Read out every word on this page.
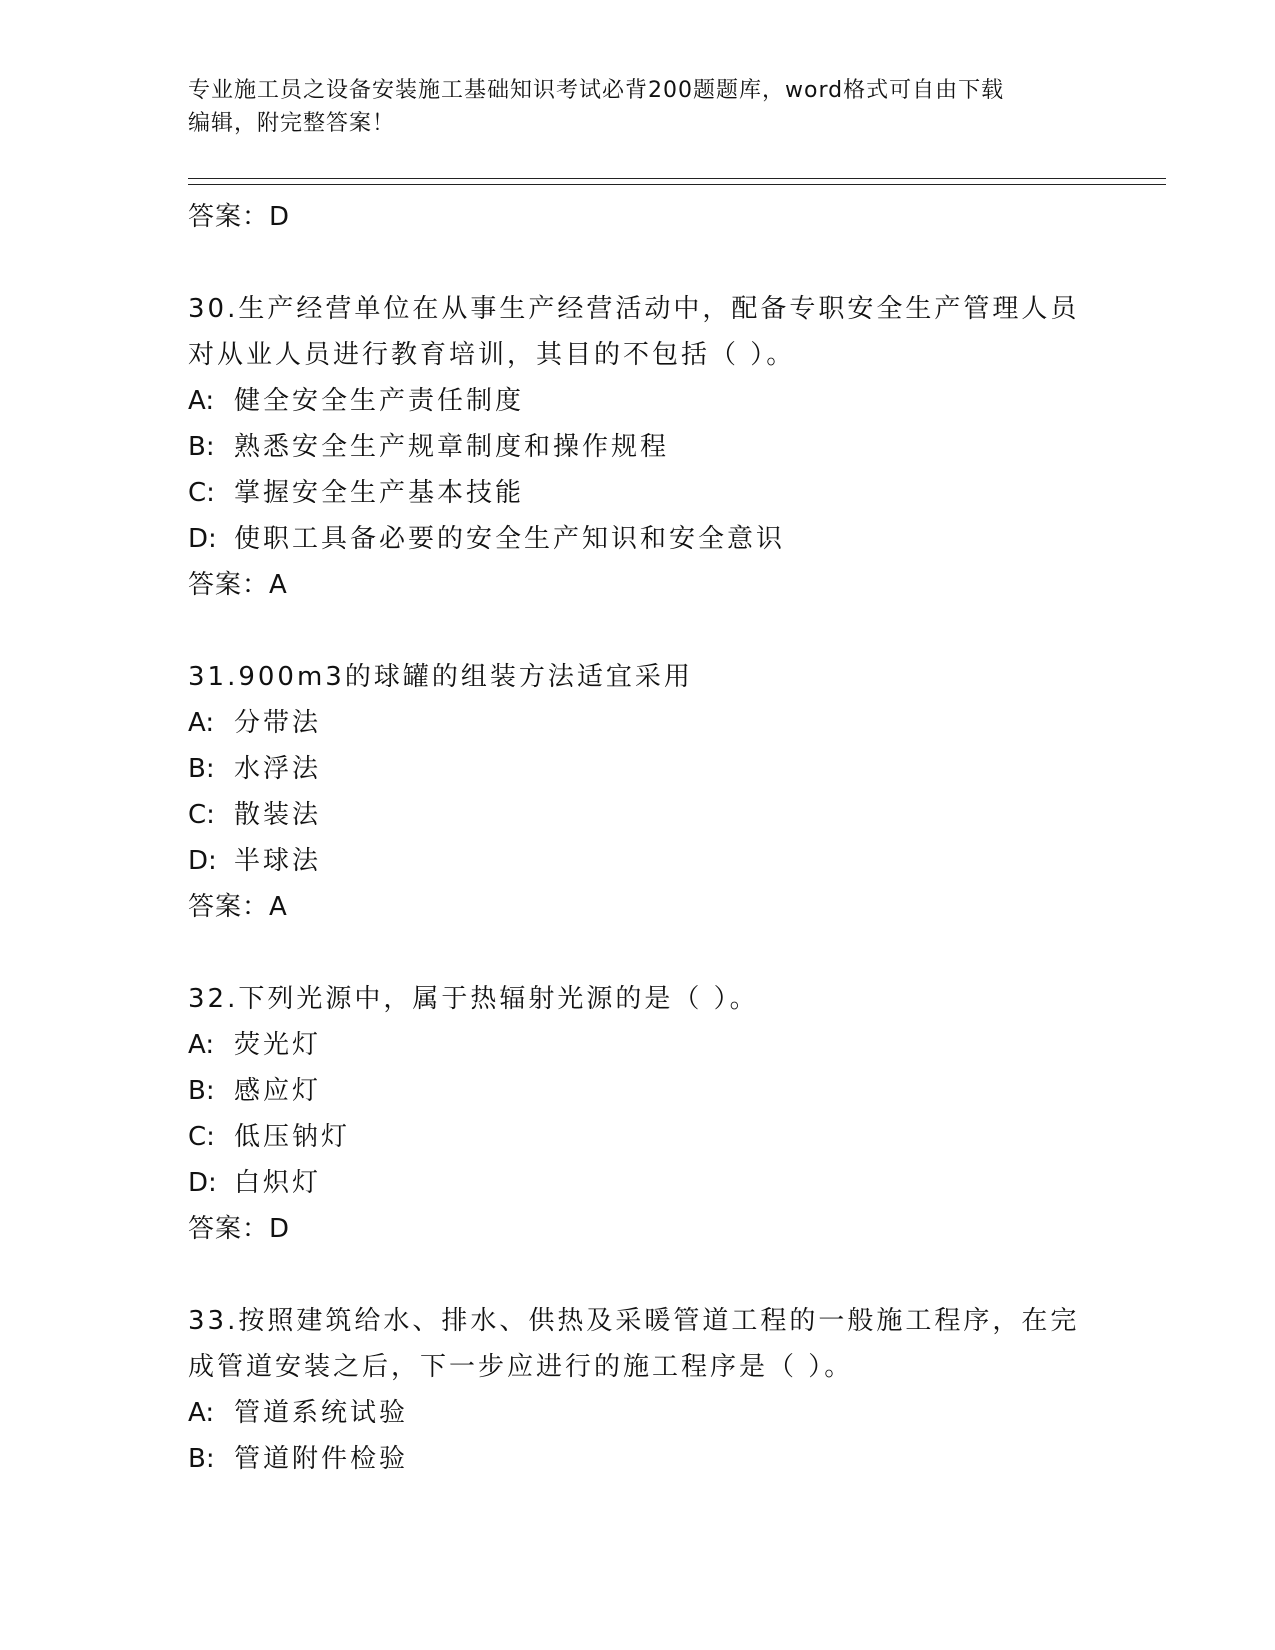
专业施工员之设备安装施工基础知识考试必背200题题库，word格式可自由下载
编辑，附完整答案！
答案：D
30.生产经营单位在从事生产经营活动中，配备专职安全生产管理人员
对从业人员进行教育培训，其目的不包括（ ）。
A: 健全安全生产责任制度
B: 熟悉安全生产规章制度和操作规程
C: 掌握安全生产基本技能
D: 使职工具备必要的安全生产知识和安全意识
答案：A
31.900m3的球罐的组装方法适宜采用
A: 分带法
B: 水浮法
C: 散装法
D: 半球法
答案：A
32.下列光源中，属于热辐射光源的是（ ）。
A: 荧光灯
B: 感应灯
C: 低压钠灯
D: 白炽灯
答案：D
33.按照建筑给水、排水、供热及采暖管道工程的一般施工程序，在完
成管道安装之后，下一步应进行的施工程序是（ ）。
A: 管道系统试验
B: 管道附件检验
